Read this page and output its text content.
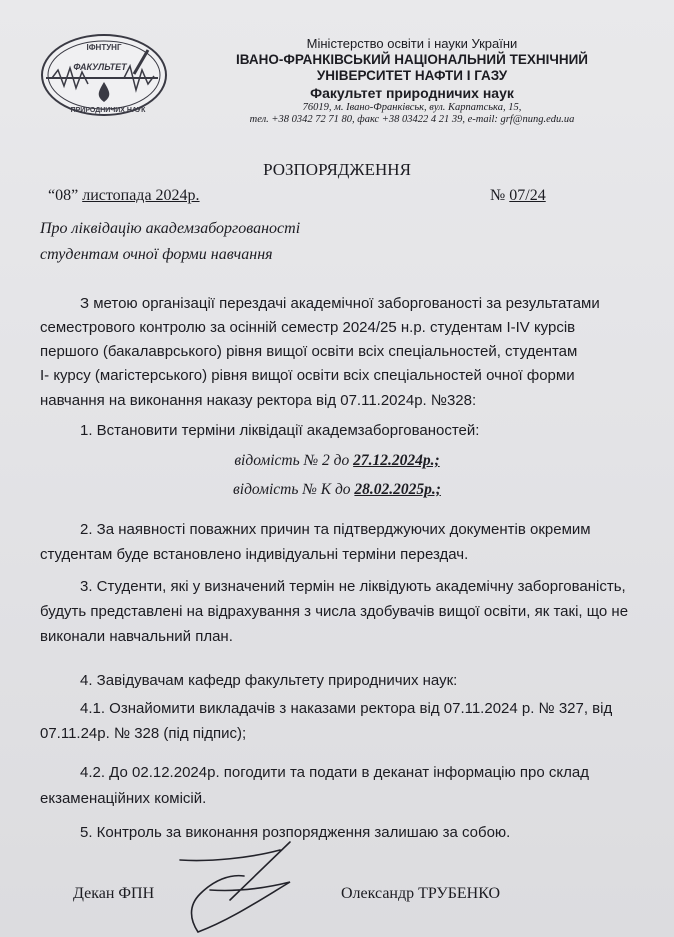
ІФНТУНГ
ФАКУЛЬТЕТ
ПРИРОДНИЧИХ НАУК
Міністерство освіти і науки України
ІВАНО-ФРАНКІВСЬКИЙ НАЦІОНАЛЬНИЙ ТЕХНІЧНИЙ
УНІВЕРСИТЕТ НАФТИ І ГАЗУ
Факультет природничих наук
76019, м. Івано-Франківськ, вул. Карпатська, 15,
тел. +38 0342 72 71 80, факс +38 03422 4 21 39, e-mail: grf@nung.edu.ua
РОЗПОРЯДЖЕННЯ
“08” листопада 2024р.	№ 07/24
Про ліквідацію академзаборгованості
студентам очної форми навчання
З метою організації перездачі академічної заборгованості за результатами
семестрового контролю за осінній семестр 2024/25 н.р. студентам І-ІV курсів
першого (бакалаврського) рівня вищої освіти всіх спеціальностей, студентам
І- курсу (магістерського) рівня вищої освіти всіх спеціальностей очної форми
навчання на виконання наказу ректора від 07.11.2024р. №328:
1. Встановити терміни ліквідації академзаборгованостей:
відомість № 2 до 27.12.2024р.;
відомість № К до 28.02.2025р.;
2. За наявності поважних причин та підтверджуючих документів окремим
студентам буде встановлено індивідуальні терміни перездач.
3. Студенти, які у визначений термін не ліквідують академічну заборгованість,
будуть представлені на відрахування з числа здобувачів вищої освіти, як такі, що не
виконали навчальний план.
4. Завідувачам кафедр факультету природничих наук:
4.1. Ознайомити викладачів з наказами ректора від 07.11.2024 р. № 327, від
07.11.24р. № 328 (під підпис);
4.2. До 02.12.2024р. погодити та подати в деканат інформацію про склад
екзаменаційних комісій.
5. Контроль за виконання розпорядження залишаю за собою.
Декан ФПН	Олександр ТРУБЕНКО
